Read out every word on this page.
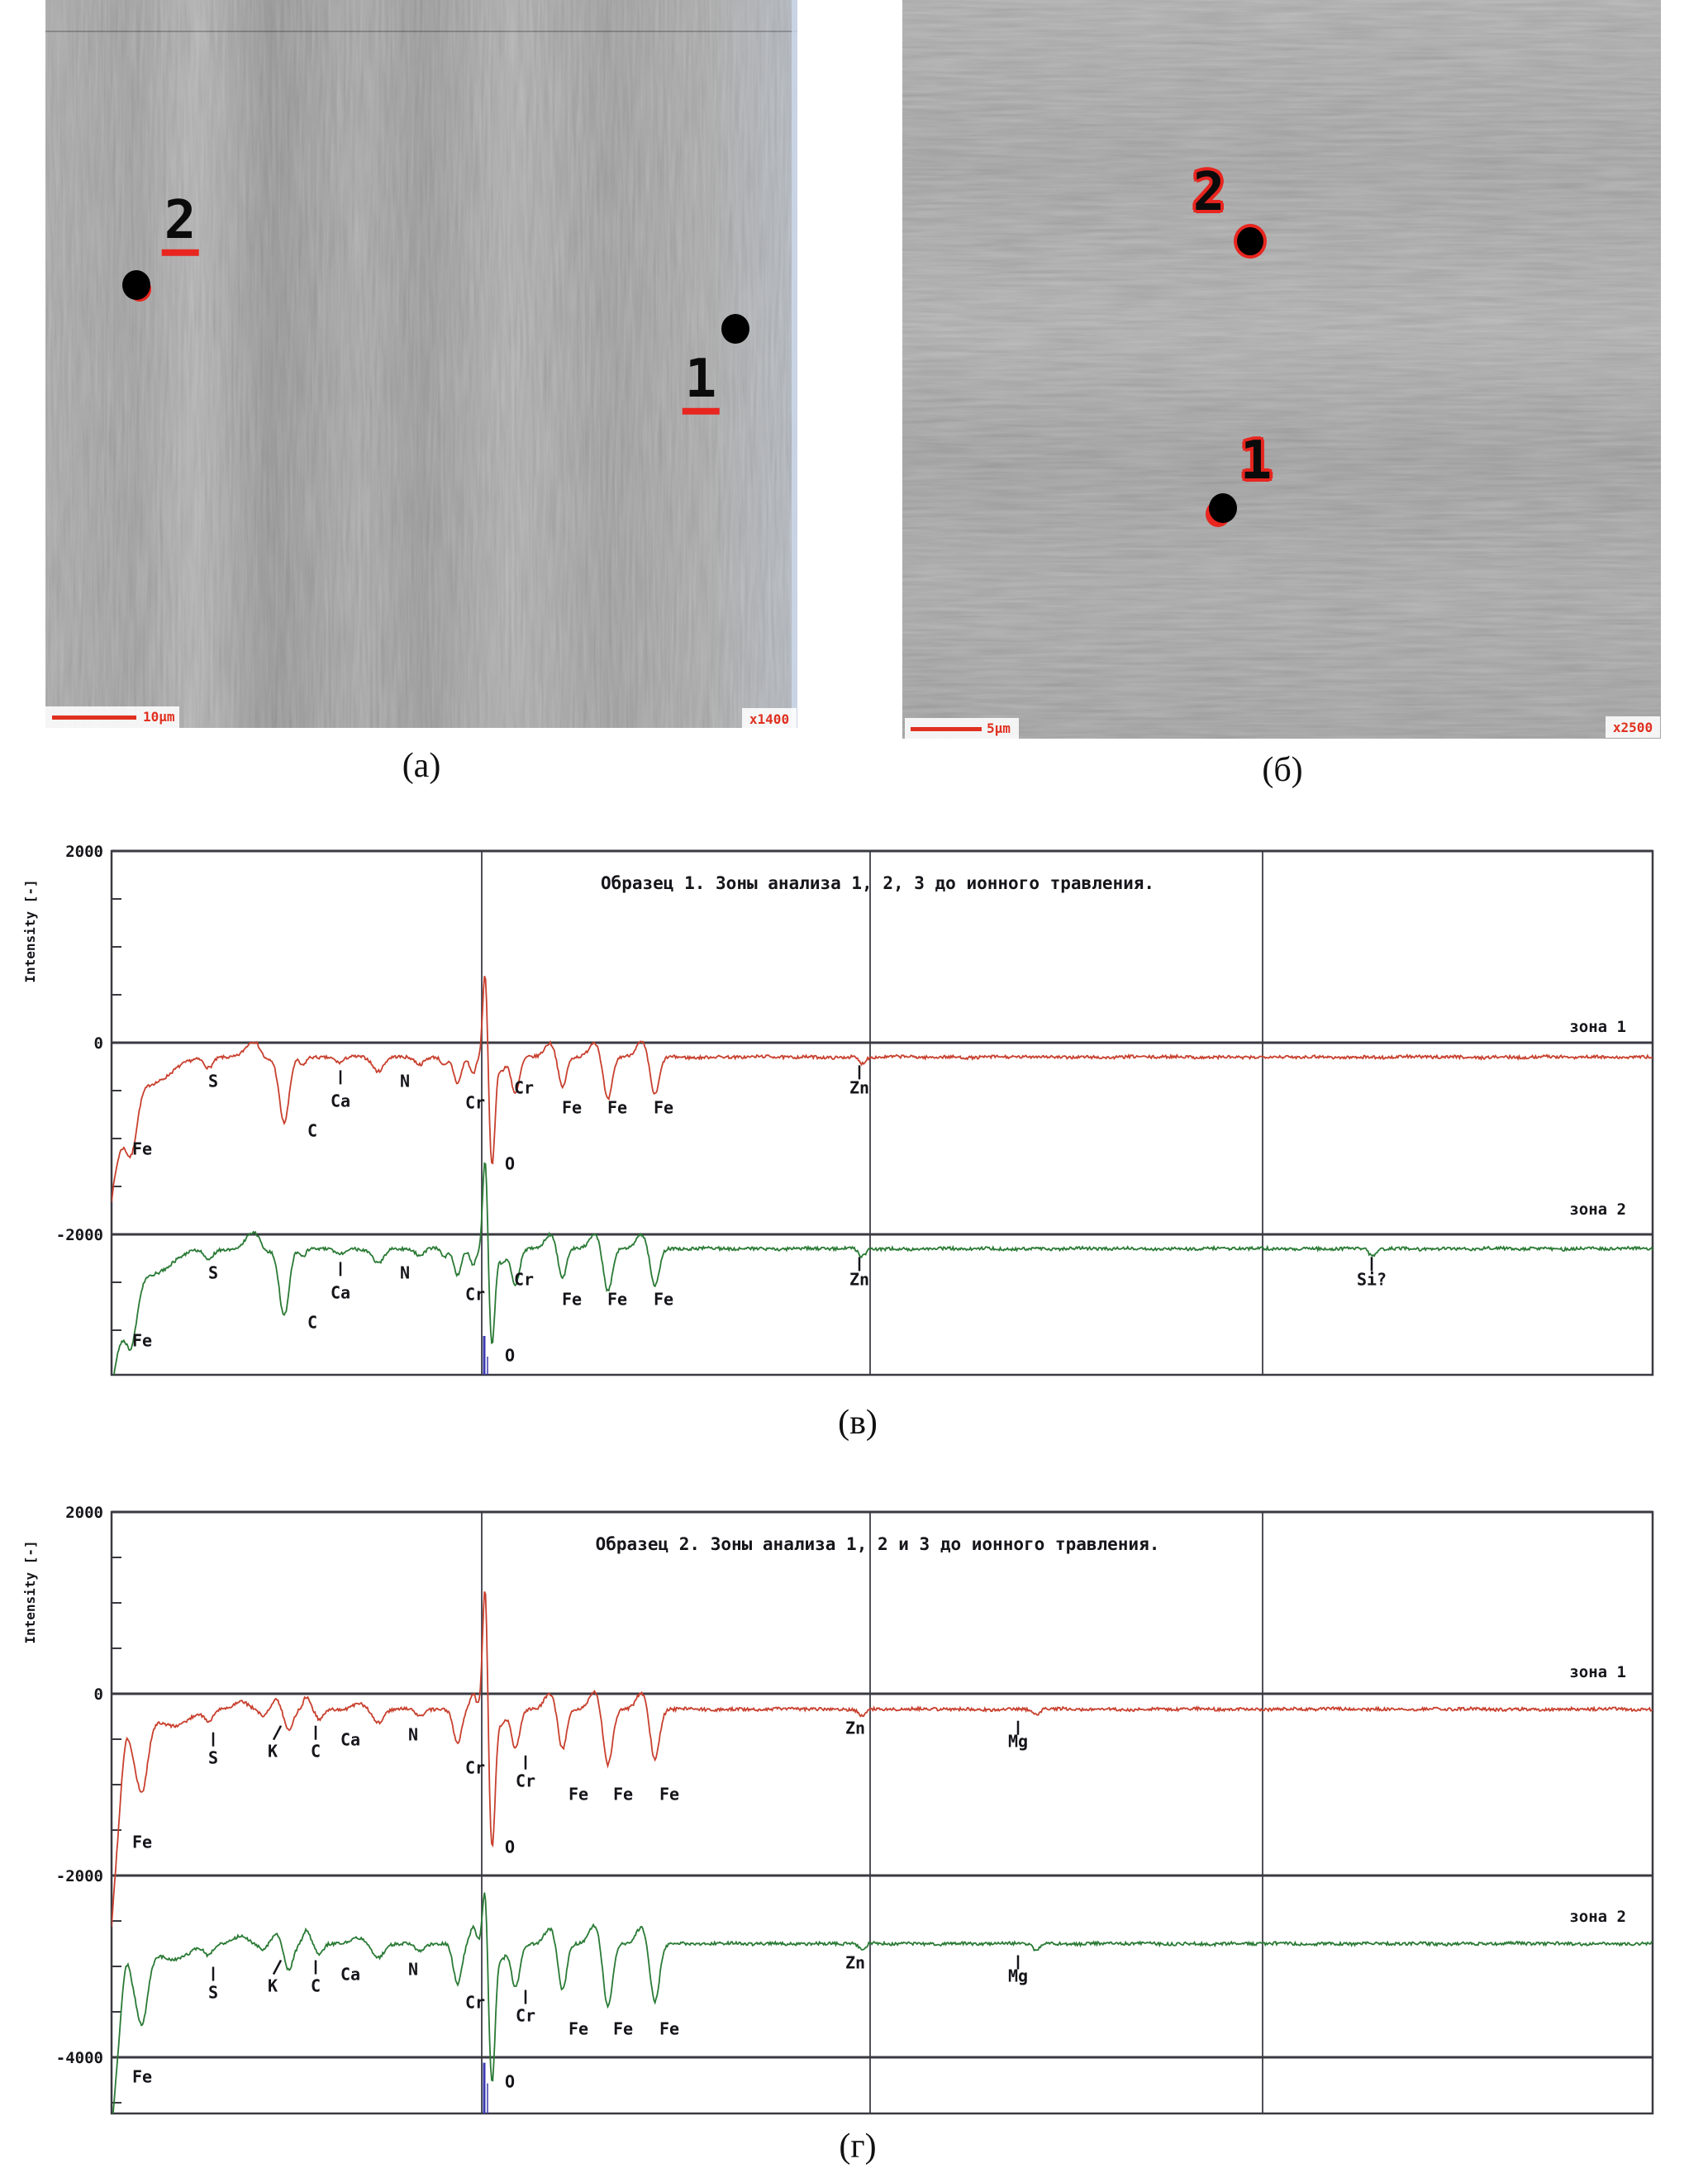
2
1
2
1
10µm	x1400
5µm	x2500
(а)	(б)
(в)
(г)
2000
0
-2000
Intensity [-]	Образец 1. Зоны анализа 1, 2, 3 до ионного травления.
зона 1
Fe
S
C
Ca
N
Cr
Cr
Fe Fe Fe
O
Zn
зона 2
Fe
S
C
Ca
N
Cr
Cr
Fe Fe Fe
O
Zn	Si?
2000
0
-2000
-4000
Intensity [-]	Образец 2. Зоны анализа 1, 2 и 3 до ионного травления.
зона 1
Fe
S	K C
Ca	N
Cr
Cr
Fe Fe Fe
O
Zn
Mg
зона 2
Fe
S	K C
Ca	N
Cr
Cr
Fe Fe Fe
O
Zn
Mg
